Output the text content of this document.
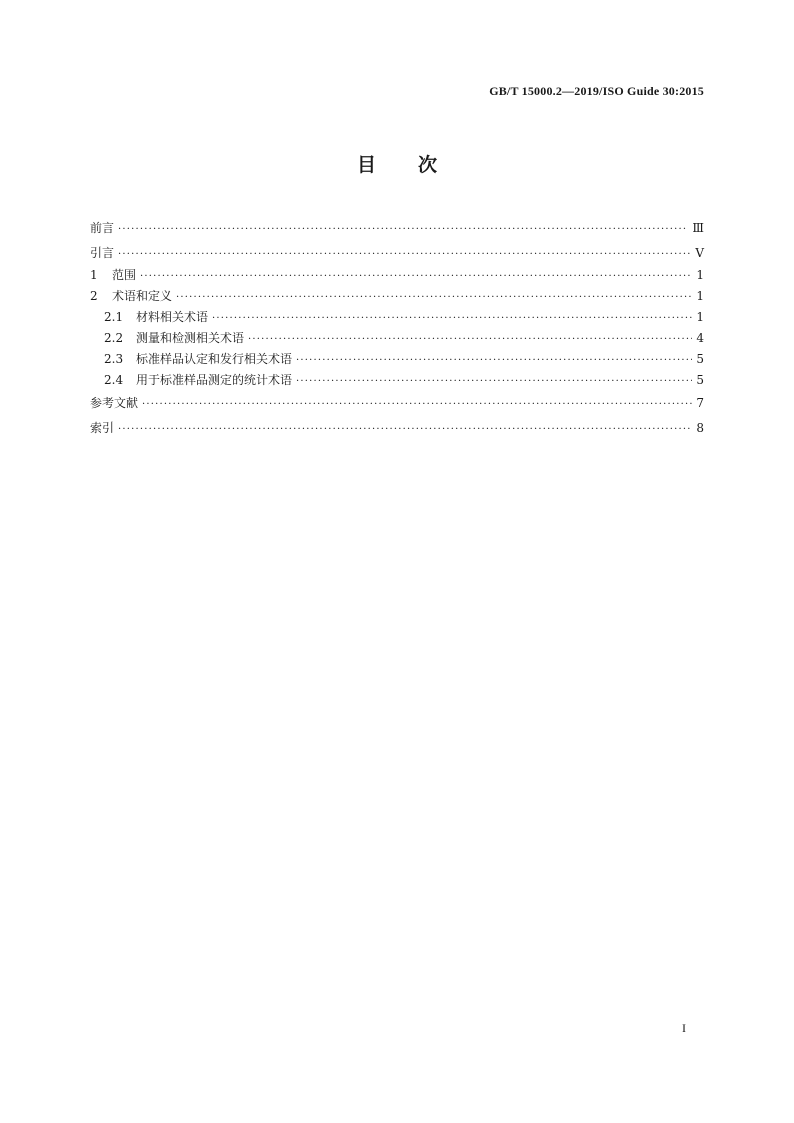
GB/T 15000.2—2019/ISO Guide 30:2015
目次
前言 ·····	Ⅲ
引言 ·····	Ⅴ
1	范围 ·····	1
2	术语和定义 ·····	1
2.1	材料相关术语 ·····	1
2.2	测量和检测相关术语 ·····	4
2.3	标准样品认定和发行相关术语 ·····	5
2.4	用于标准样品测定的统计术语 ·····	5
参考文献 ·····	7
索引 ·····	8
I
